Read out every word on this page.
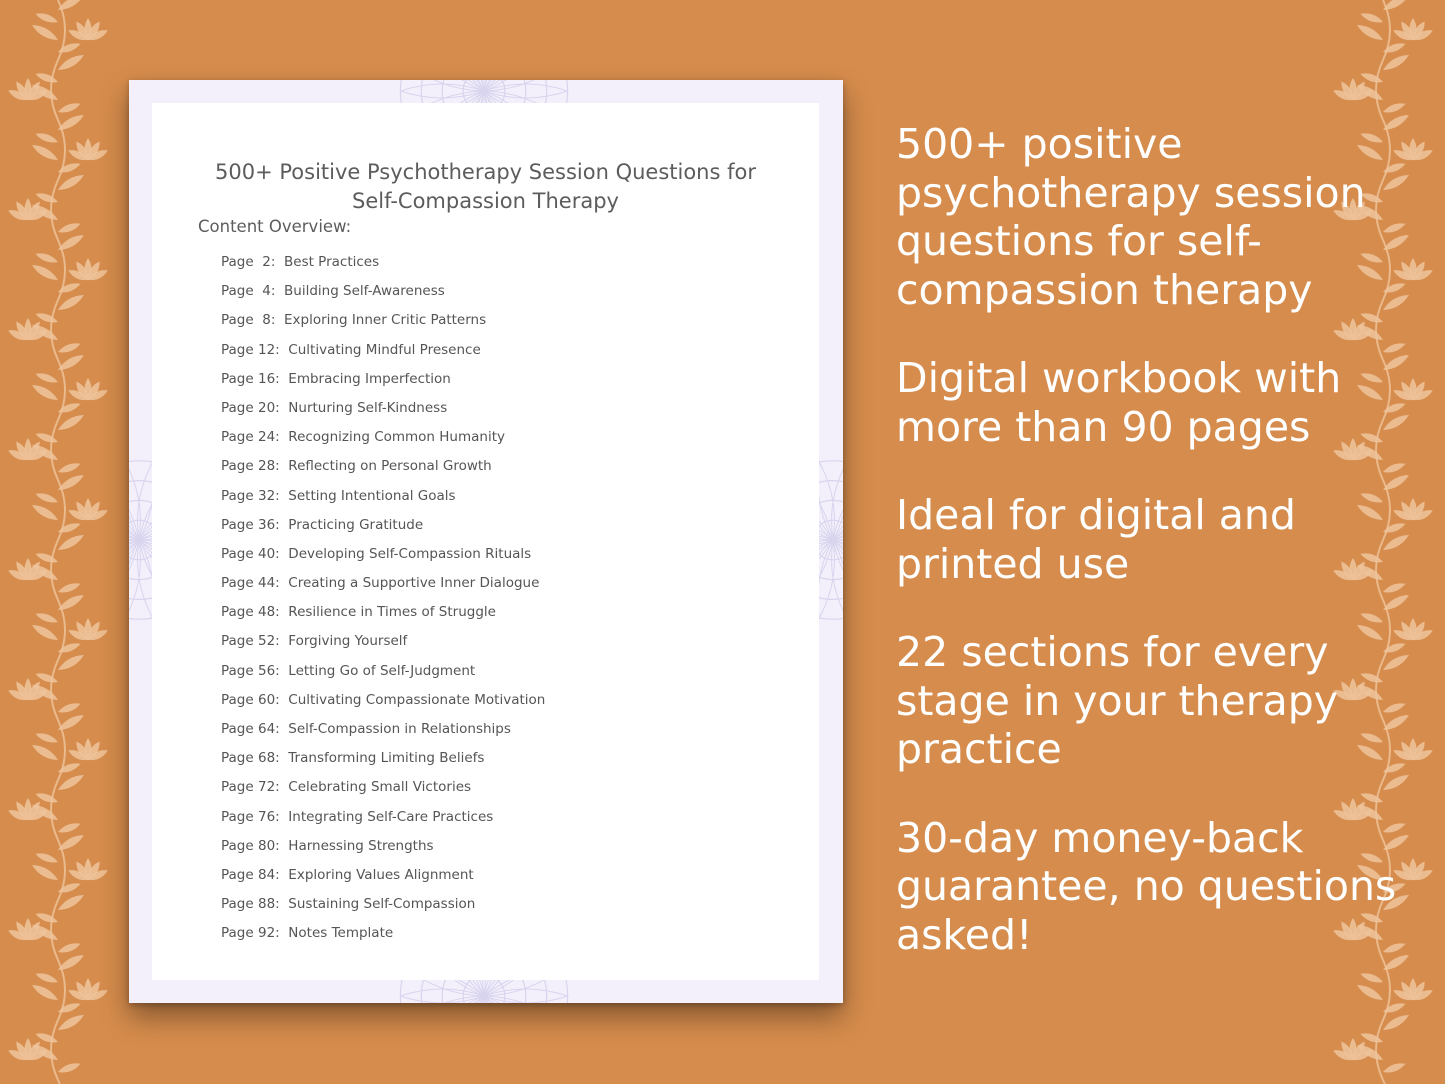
500+ Positive Psychotherapy Session Questions for
Self-Compassion Therapy
Content Overview:
Page  2: Best Practices
Page  4: Building Self-Awareness
Page  8: Exploring Inner Critic Patterns
Page 12: Cultivating Mindful Presence
Page 16: Embracing Imperfection
Page 20: Nurturing Self-Kindness
Page 24: Recognizing Common Humanity
Page 28: Reflecting on Personal Growth
Page 32: Setting Intentional Goals
Page 36: Practicing Gratitude
Page 40: Developing Self-Compassion Rituals
Page 44: Creating a Supportive Inner Dialogue
Page 48: Resilience in Times of Struggle
Page 52: Forgiving Yourself
Page 56: Letting Go of Self-Judgment
Page 60: Cultivating Compassionate Motivation
Page 64: Self-Compassion in Relationships
Page 68: Transforming Limiting Beliefs
Page 72: Celebrating Small Victories
Page 76: Integrating Self-Care Practices
Page 80: Harnessing Strengths
Page 84: Exploring Values Alignment
Page 88: Sustaining Self-Compassion
Page 92: Notes Template
500+ positive psychotherapy session questions for self-compassion therapy
Digital workbook with more than 90 pages
Ideal for digital and printed use
22 sections for every stage in your therapy practice
30-day money-back guarantee, no questions asked!
